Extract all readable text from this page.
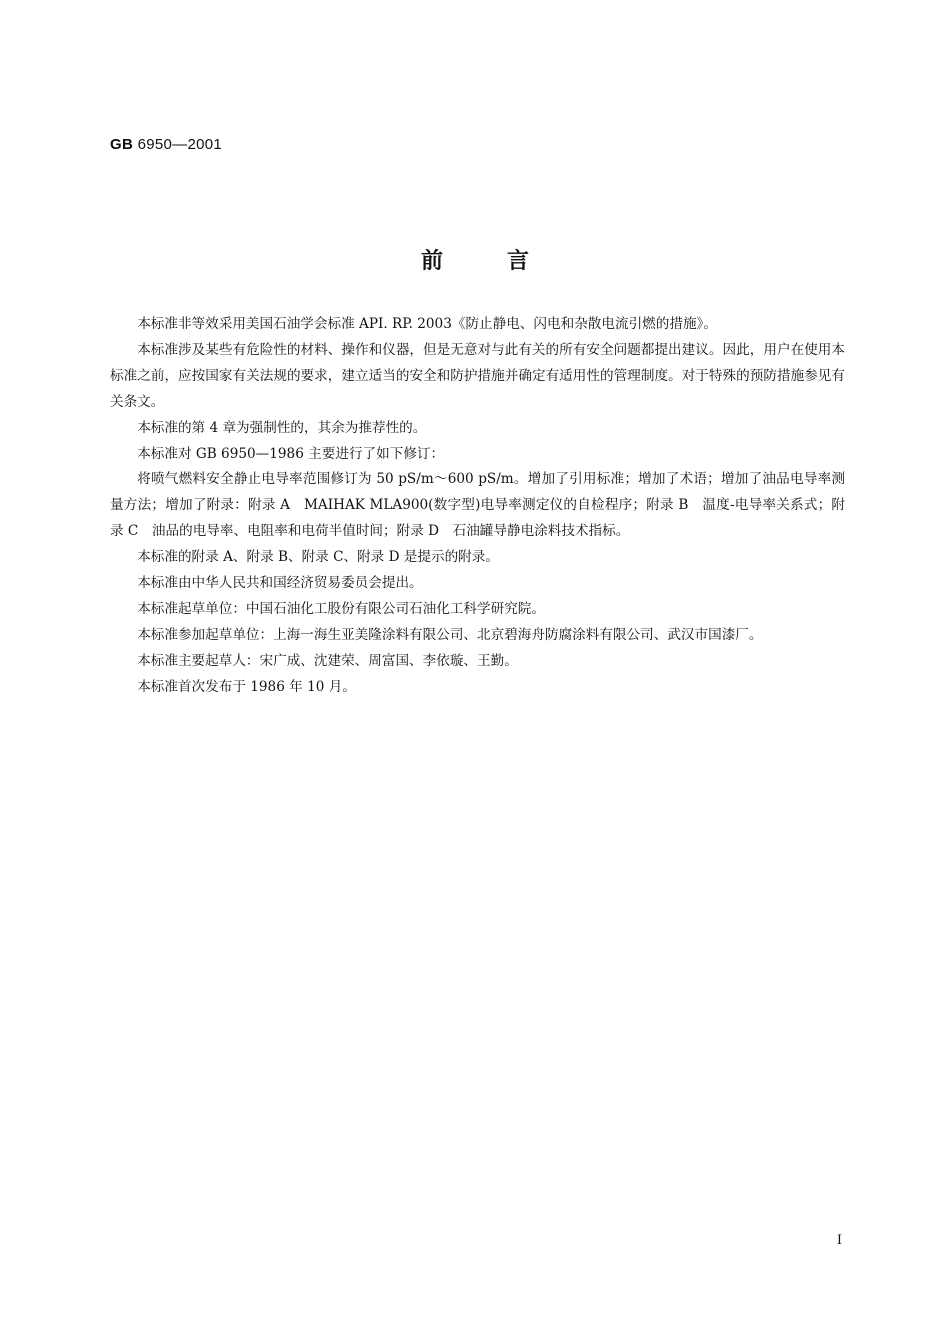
GB 6950—2001
前言

本标准非等效采用美国石油学会标准 API. RP. 2003《防止静电、闪电和杂散电流引燃的措施》。

本标准涉及某些有危险性的材料、操作和仪器，但是无意对与此有关的所有安全问题都提出建议。因此，用户在使用本标准之前，应按国家有关法规的要求，建立适当的安全和防护措施并确定有适用性的管理制度。对于特殊的预防措施参见有关条文。

本标准的第 4 章为强制性的，其余为推荐性的。

本标准对 GB 6950—1986 主要进行了如下修订：

将喷气燃料安全静止电导率范围修订为 50 pS/m～600 pS/m。增加了引用标准；增加了术语；增加了油品电导率测量方法；增加了附录：附录 A　MAIHAK MLA900(数字型)电导率测定仪的自检程序；附录 B　温度-电导率关系式；附录 C　油品的电导率、电阻率和电荷半值时间；附录 D　石油罐导静电涂料技术指标。

本标准的附录 A、附录 B、附录 C、附录 D 是提示的附录。

本标准由中华人民共和国经济贸易委员会提出。

本标准起草单位：中国石油化工股份有限公司石油化工科学研究院。

本标准参加起草单位：上海一海生亚美隆涂料有限公司、北京碧海舟防腐涂料有限公司、武汉市国漆厂。

本标准主要起草人：宋广成、沈建荣、周富国、李依璇、王勤。

本标准首次发布于 1986 年 10 月。

I
